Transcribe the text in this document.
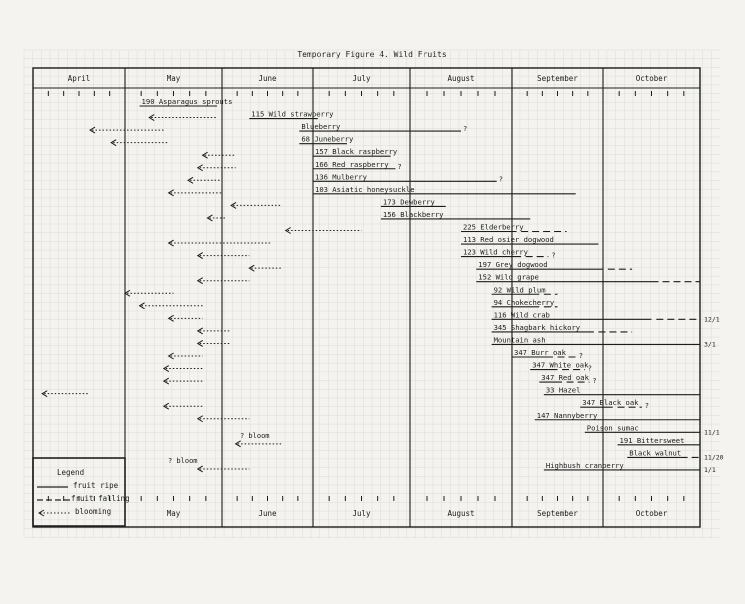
Temporary Figure 4. Wild Fruits
April	May	June	July	August	September	October
May	June	July	August	September	October
190 Asparagus sprouts
115 Wild strawberry
Blueberry	?
68 Juneberry
157 Black raspberry
166 Red raspberry ?
136 Mulberry	?
103 Asiatic honeysuckle
173 Dewberry
156 Blackberry
225 Elderberry
113 Red osier dogwood
123 Wild cherry	?
197 Grey dogwood
152 Wild grape
92 Wild plum
94 Chokecherry
116 Wild crab	12/1
345 Shagbark hickory
Mountain ash	3/1
347 Burr oak ?
347 White oak ?
347 Red oak ?
33 Hazel
347 Black oak ?
147 Nannyberry
Poison sumac	11/1
191 Bittersweet
Black walnut	11/20
Highbush cranberry	1/1
? bloom
? bloom
Legend
fruit ripe
fruit falling
blooming
